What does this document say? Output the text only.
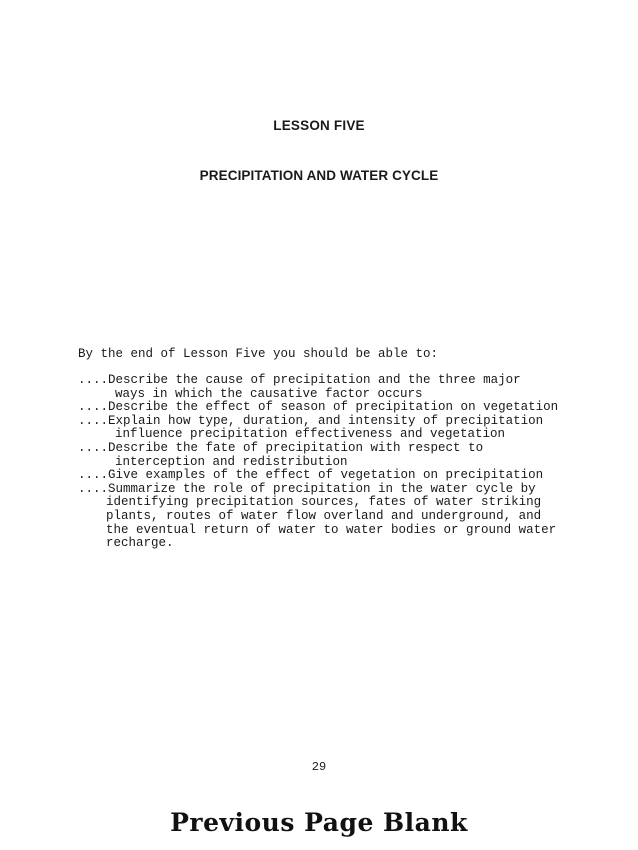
LESSON FIVE
PRECIPITATION AND WATER CYCLE

By the end of Lesson Five you should be able to:

....Describe the cause of precipitation and the three major
ways in which the causative factor occurs
....Describe the effect of season of precipitation on vegetation
....Explain how type, duration, and intensity of precipitation
influence precipitation effectiveness and vegetation
....Describe the fate of precipitation with respect to
interception and redistribution
....Give examples of the effect of vegetation on precipitation
....Summarize the role of precipitation in the water cycle by
identifying precipitation sources, fates of water striking
plants, routes of water flow overland and underground, and
the eventual return of water to water bodies or ground water
recharge.

29

Previous Page Blank
